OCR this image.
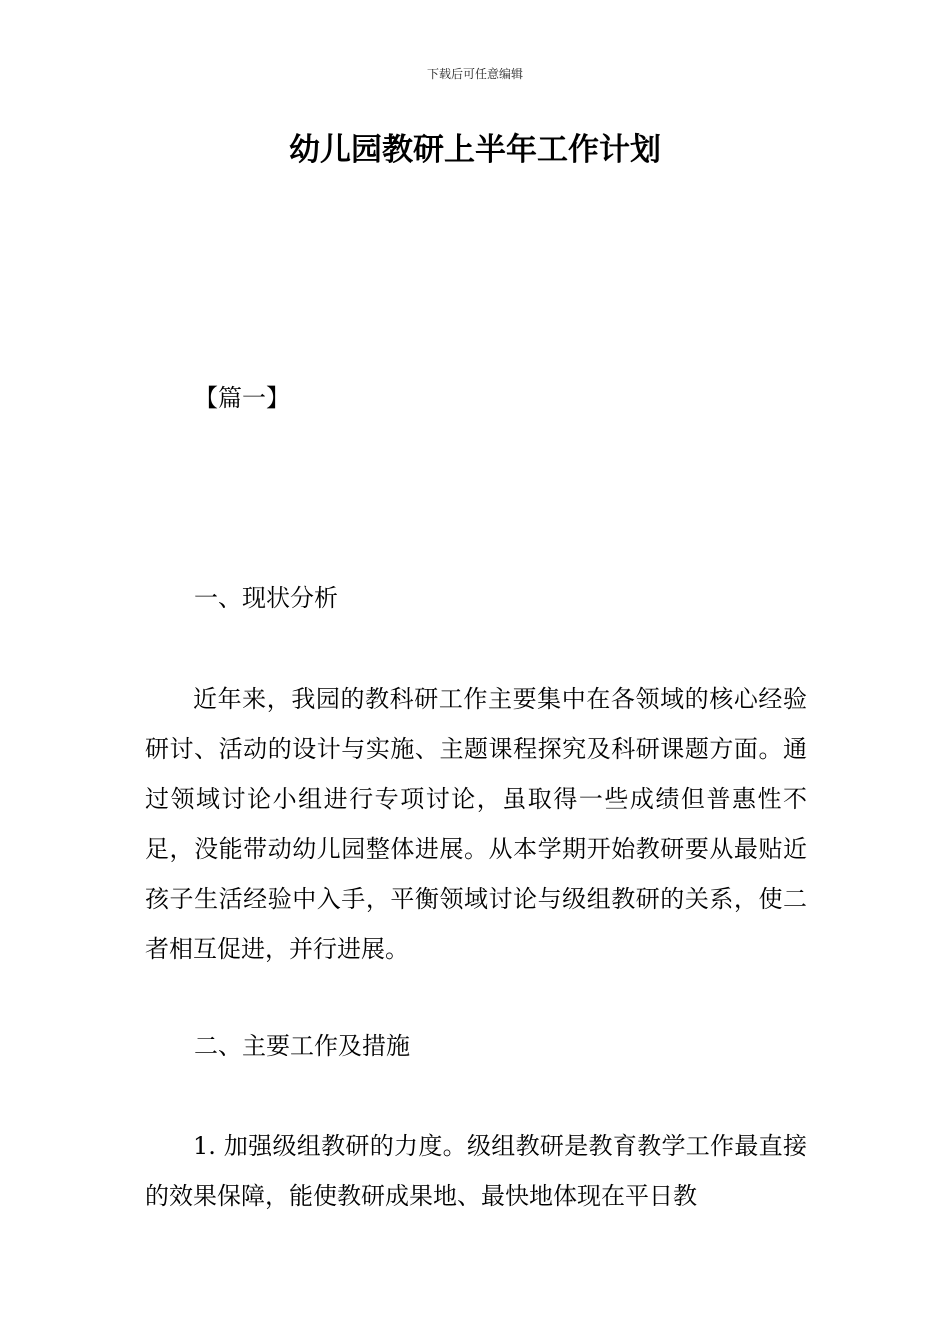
下载后可任意编辑
幼儿园教研上半年工作计划
【篇一】
一、现状分析

近年来，我园的教科研工作主要集中在各领域的核心经验研讨、活动的设计与实施、主题课程探究及科研课题方面。通过领域讨论小组进行专项讨论，虽取得一些成绩但普惠性不足，没能带动幼儿园整体进展。从本学期开始教研要从最贴近孩子生活经验中入手，平衡领域讨论与级组教研的关系，使二者相互促进，并行进展。

二、主要工作及措施

1. 加强级组教研的力度。级组教研是教育教学工作最直接的效果保障，能使教研成果地、最快地体现在平日教
